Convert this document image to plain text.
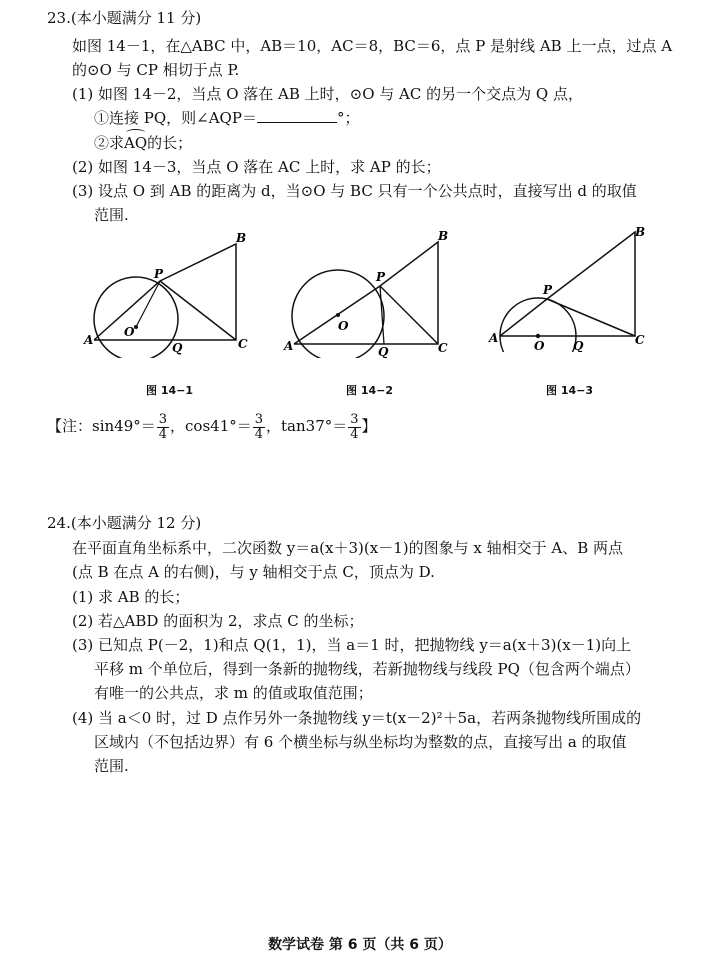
23.(本小题满分 11 分)
如图 14－1，在△ABC 中，AB＝10，AC＝8，BC＝6，点 P 是射线 AB 上一点，过点 A
的⊙O 与 CP 相切于点 P.
(1) 如图 14－2，当点 O 落在 AB 上时，⊙O 与 AC 的另一个交点为 Q 点，
①连接 PQ，则∠AQP＝	°；
②求AQ的长；
(2) 如图 14－3，当点 O 落在 AC 上时，求 AP 的长；
(3) 设点 O 到 AB 的距离为 d，当⊙O 与 BC 只有一个公共点时，直接写出 d 的取值
范围.
A
B
C
P
O
Q
图 14−1
A
B
C
P
O
Q
图 14−2
A
B
C
P
O Q
图 14−3
【注：$\sin 49^\circ= \frac{3}{4}$ ，$\cos 41^\circ= \frac{3}{4}$ ，$\tan 37^\circ= \frac{3}{4}$ 】
24.(本小题满分 12 分)
在平面直角坐标系中，二次函数 y＝a(x＋3)(x－1)的图象与 x 轴相交于 A、B 两点
(点 B 在点 A 的右侧)，与 y 轴相交于点 C，顶点为 D.
(1) 求 AB 的长；
(2) 若△ABD 的面积为 2，求点 C 的坐标；
(3) 已知点 P(－2，1)和点 Q(1，1)，当 a＝1 时，把抛物线 y＝a(x＋3)(x－1)向上
平移 m 个单位后，得到一条新的抛物线，若新抛物线与线段 PQ（包含两个端点）
有唯一的公共点，求 m 的值或取值范围；
(4) 当 a＜0 时，过 D 点作另外一条抛物线 y＝t(x－2)²＋5a，若两条抛物线所围成的
区域内（不包括边界）有 6 个横坐标与纵坐标均为整数的点，直接写出 a 的取值
范围.
数学试卷 第 6 页（共 6 页）
